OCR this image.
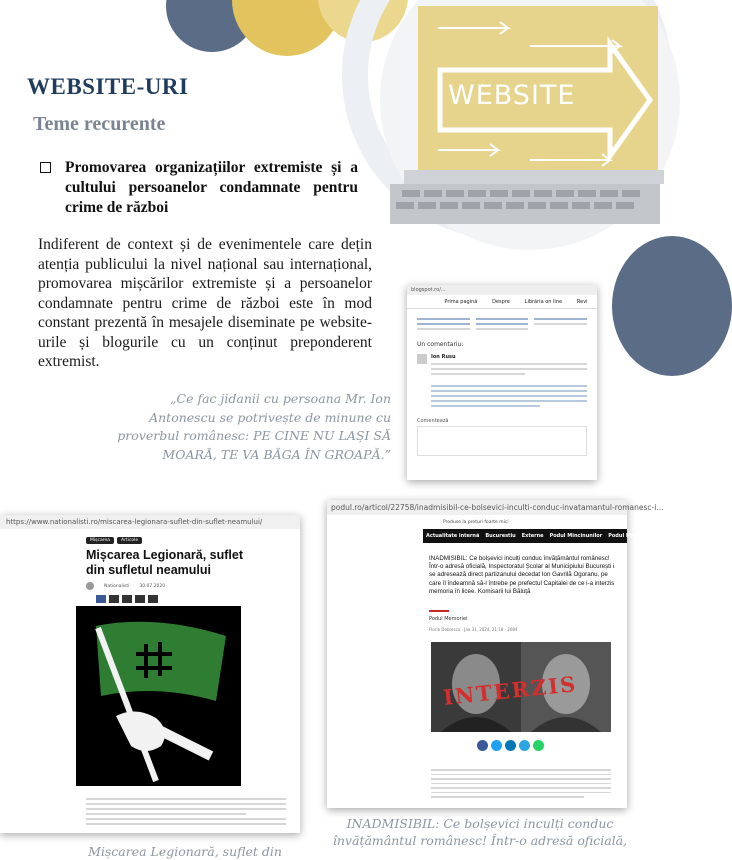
WEBSITE
WEBSITE-URI
Teme recurente
Promovarea organizațiilor extremiste și a cultului persoanelor condamnate pentru crime de război
Indiferent de context și de evenimentele care dețin atenția publicului la nivel național sau internațional, promovarea mișcărilor extremiste și a persoanelor condamnate pentru crime de război este în mod constant prezentă în mesajele diseminate pe website-urile și blogurile cu un conținut preponderent extremist.
„Ce fac jidanii cu persoana Mr. Ion Antonescu se potrivește de minune cu proverbul românesc: PE CINE NU LAȘI SĂ MOARĂ, TE VA BĂGA ÎN GROAPĂ.”
blogspot.ro/...
Prima pagină	Despre	Librăria on line	Revi
Un comentariu:
Ion Rusu
Comentează
https://www.nationalisti.ro/miscarea-legionara-suflet-din-suflet-neamului/
Mișcarea	Articole
Mișcarea Legionară, suflet din sufletul neamului
Nationalisti 30.07.2020
podul.ro/articol/22758/inadmisibil-ce-bolsevici-inculti-conduc-invatamantul-romanesc-i...
Produse la prețuri foarte mici
Actualitate internă Bucurestiu Externe Podul Mincinunilor Podul Memoriei Ed
INADMISIBIL: Ce bolșevici inculți conduc învățământul românesc! Într-o adresă oficială, Inspectoratul Școlar al Municipiului București i se adresează direct partizanului decedat Ion Gavrilă Ogoranu, pe care îl îndeamnă să-l întrebe pe prefectul Capitalei de ce i-a interzis memoria în licee. Komisarii lui Băluță
Podul Memoriei
Florin Dobrescu · Jan 31, 2024, 21:18 · 2084
INTERZIS
INADMISIBIL: Ce bolșevici inculți conduc învățământul românesc! Într-o adresă oficială,
Mișcarea Legionară, suflet din
